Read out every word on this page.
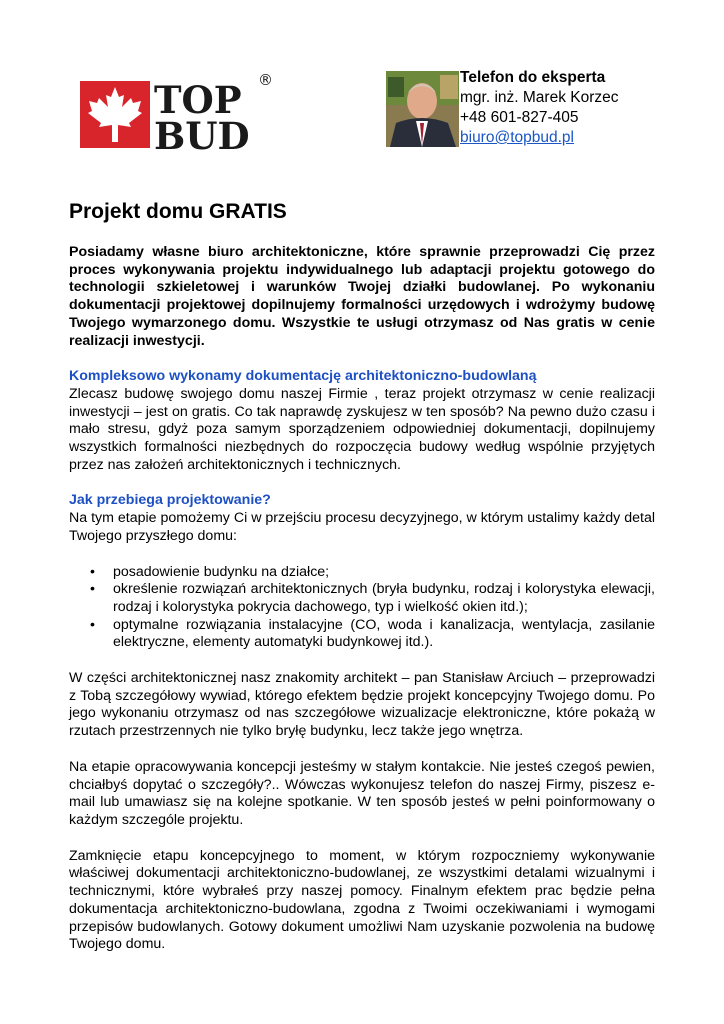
TOP
BUD
®	Telefon do eksperta
mgr. inż. Marek Korzec
+48 601-827-405
biuro@topbud.pl
Projekt domu GRATIS

Posiadamy własne biuro architektoniczne, które sprawnie przeprowadzi Cię przez proces wykonywania projektu indywidualnego lub adaptacji projektu gotowego do technologii szkieletowej i warunków Twojej działki budowlanej. Po wykonaniu dokumentacji projektowej dopilnujemy formalności urzędowych i wdrożymy budowę Twojego wymarzonego domu. Wszystkie te usługi otrzymasz od Nas gratis w cenie realizacji inwestycji.

Kompleksowo wykonamy dokumentację architektoniczno-budowlaną

Zlecasz budowę swojego domu naszej Firmie , teraz projekt otrzymasz w cenie realizacji inwestycji – jest on gratis. Co tak naprawdę zyskujesz w ten sposób? Na pewno dużo czasu i mało stresu, gdyż poza samym sporządzeniem odpowiedniej dokumentacji, dopilnujemy wszystkich formalności niezbędnych do rozpoczęcia budowy według wspólnie przyjętych przez nas założeń architektonicznych i technicznych.

Jak przebiega projektowanie?

Na tym etapie pomożemy Ci w przejściu procesu decyzyjnego, w którym ustalimy każdy detal Twojego przyszłego domu:

• posadowienie budynku na działce;
• określenie rozwiązań architektonicznych (bryła budynku, rodzaj i kolorystyka elewacji, rodzaj i kolorystyka pokrycia dachowego, typ i wielkość okien itd.);
• optymalne rozwiązania instalacyjne (CO, woda i kanalizacja, wentylacja, zasilanie elektryczne, elementy automatyki budynkowej itd.).

W części architektonicznej nasz znakomity architekt – pan Stanisław Arciuch – przeprowadzi z Tobą szczegółowy wywiad, którego efektem będzie projekt koncepcyjny Twojego domu. Po jego wykonaniu otrzymasz od nas szczegółowe wizualizacje elektroniczne, które pokażą w rzutach przestrzennych nie tylko bryłę budynku, lecz także jego wnętrza.

Na etapie opracowywania koncepcji jesteśmy w stałym kontakcie. Nie jesteś czegoś pewien, chciałbyś dopytać o szczegóły?.. Wówczas wykonujesz telefon do naszej Firmy, piszesz e-mail lub umawiasz się na kolejne spotkanie. W ten sposób jesteś w pełni poinformowany o każdym szczególe projektu.

Zamknięcie etapu koncepcyjnego to moment, w którym rozpoczniemy wykonywanie właściwej dokumentacji architektoniczno-budowlanej, ze wszystkimi detalami wizualnymi i technicznymi, które wybrałeś przy naszej pomocy. Finalnym efektem prac będzie pełna dokumentacja architektoniczno-budowlana, zgodna z Twoimi oczekiwaniami i wymogami przepisów budowlanych. Gotowy dokument umożliwi Nam uzyskanie pozwolenia na budowę Twojego domu.
